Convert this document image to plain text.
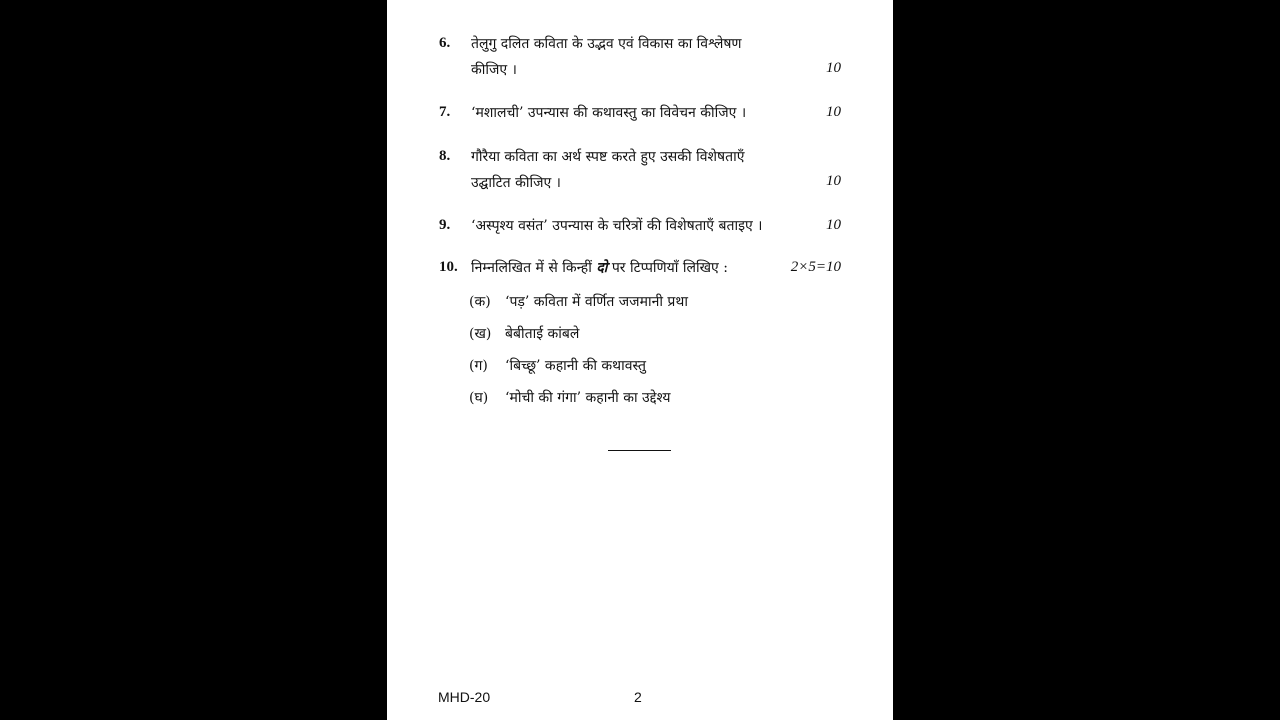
6. तेलुगु दलित कविता के उद्भव एवं विकास का विश्लेषण
कीजिए ।	10
7. ‘मशालची’ उपन्यास की कथावस्तु का विवेचन कीजिए ।	10
8. गौरैया कविता का अर्थ स्पष्ट करते हुए उसकी विशेषताएँ
उद्घाटित कीजिए ।	10
9. ‘अस्पृश्य वसंत’ उपन्यास के चरित्रों की विशेषताएँ बताइए ।	10
10. निम्नलिखित में से किन्हीं दो पर टिप्पणियाँ लिखिए :	2×5=10
(क) ‘पड़’ कविता में वर्णित जजमानी प्रथा
(ख) बेबीताई कांबले
(ग) ‘बिच्छू’ कहानी की कथावस्तु
(घ) ‘मोची की गंगा’ कहानी का उद्देश्य
MHD-20	2
